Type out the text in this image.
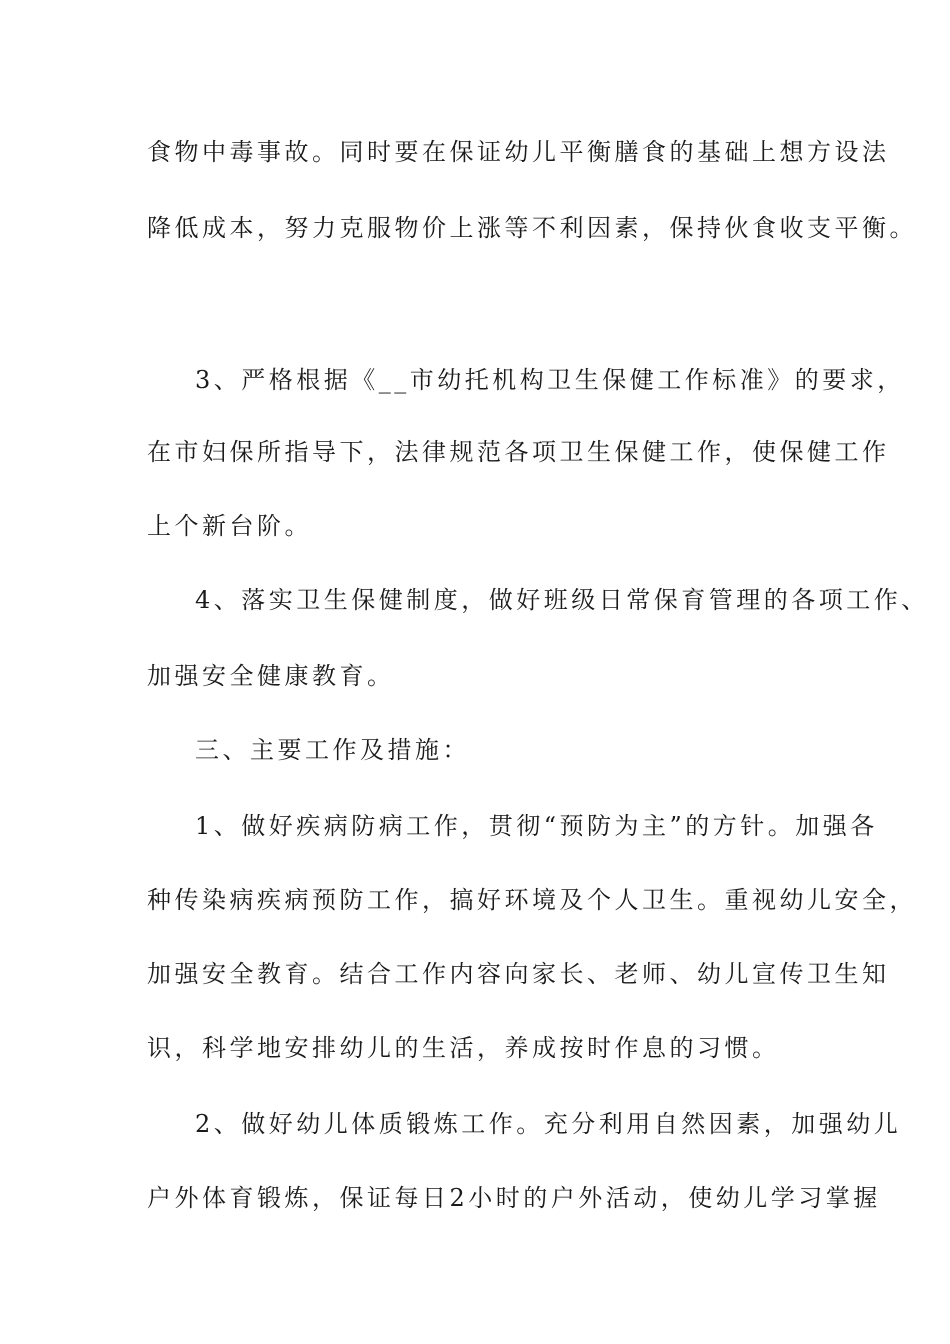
食物中毒事故。同时要在保证幼儿平衡膳食的基础上想方设法
降低成本，努力克服物价上涨等不利因素，保持伙食收支平衡。
3、严格根据《__市幼托机构卫生保健工作标准》的要求，
在市妇保所指导下，法律规范各项卫生保健工作，使保健工作
上个新台阶。
4、落实卫生保健制度，做好班级日常保育管理的各项工作、
加强安全健康教育。
三、主要工作及措施：
1、做好疾病防病工作，贯彻“预防为主”的方针。加强各
种传染病疾病预防工作，搞好环境及个人卫生。重视幼儿安全，
加强安全教育。结合工作内容向家长、老师、幼儿宣传卫生知
识，科学地安排幼儿的生活，养成按时作息的习惯。
2、做好幼儿体质锻炼工作。充分利用自然因素，加强幼儿
户外体育锻炼，保证每日2小时的户外活动，使幼儿学习掌握
